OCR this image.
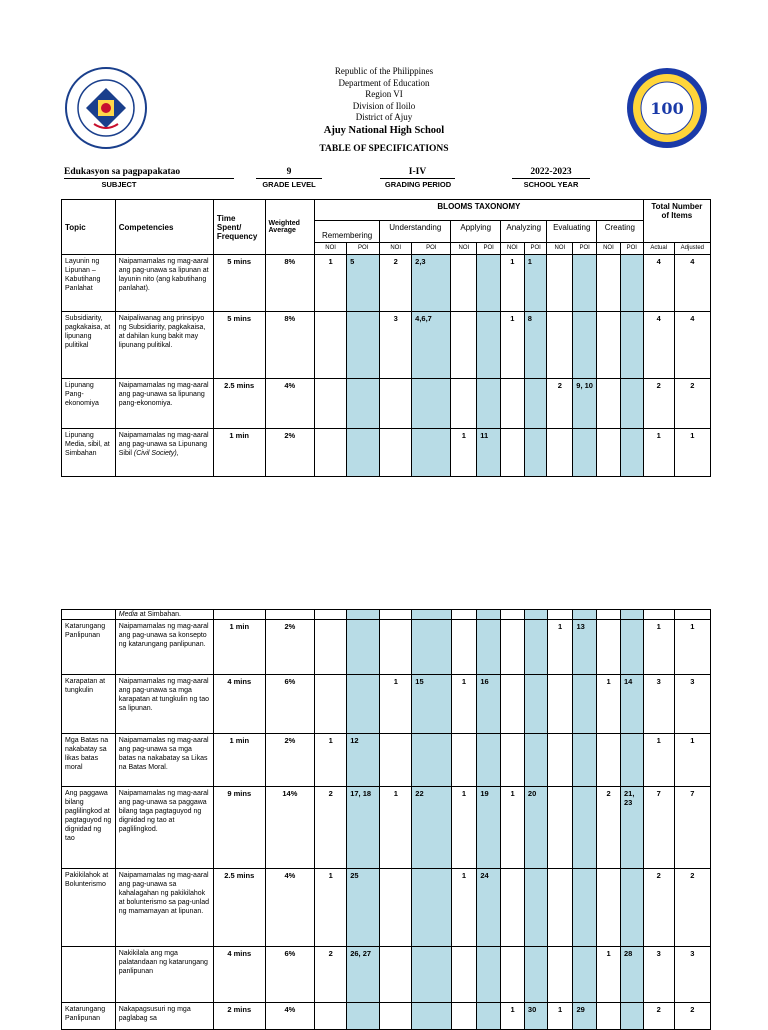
100
Republic of the Philippines
Department of Education
Region VI
Division of Iloilo
District of Ajuy
Ajuy National High School
TABLE OF SPECIFICATIONS
Edukasyon sa pagpapakatao
SUBJECT
9
GRADE LEVEL
I-IV
GRADING PERIOD
2022-2023
SCHOOL YEAR
Topic	Competencies	Time Spent/ Frequency	Weighted Average	BLOOMS TAXONOMY												Total Number of Items	
				Remembering		Understanding		Applying		Analyzing		Evaluating		Creating			
				NOI	POI	NOI	POI	NOI	POI	NOI	POI	NOI	POI	NOI	POI	Actual	Adjusted
Layunin ng Lipunan – Kabutihang Panlahat	Naipamamalas ng mag-aaral ang pag-unawa sa lipunan at layunin nito (ang kabutihang panlahat).	5 mins	8%	1	5	2	2,3			1	1					4	4
Subsidiarity, pagkakaisa, at lipunang pulitikal	Naipaliwanag ang prinsipyo ng Subsidiarity, pagkakaisa, at dahilan kung bakit may lipunang pulitikal.	5 mins	8%			3	4,6,7			1	8					4	4
Lipunang Pang-ekonomiya	Naipamamalas ng mag-aaral ang pag-unawa sa lipunang pang-ekonomiya.	2.5 mins	4%									2	9, 10			2	2
Lipunang Media, sibil, at Simbahan	Naipamamalas ng mag-aaral ang pag-unawa sa Lipunang Sibil (Civil Society),	1 min	2%					1	11							1	1
	Media at Simbahan.																
Katarungang Panlipunan	Naipamamalas ng mag-aaral ang pag-unawa sa konsepto ng katarungang panlipunan.	1 min	2%									1	13			1	1
Karapatan at tungkulin	Naipamamalas ng mag-aaral ang pag-unawa sa mga karapatan at tungkulin ng tao sa lipunan.	4 mins	6%			1	15	1	16					1	14	3	3
Mga Batas na nakabatay sa likas batas moral	Naipamamalas ng mag-aaral ang pag-unawa sa mga batas na nakabatay sa Likas na Batas Moral.	1 min	2%	1	12											1	1
Ang paggawa bilang paglilingkod at pagtaguyod ng dignidad ng tao	Naipamamalas ng mag-aaral ang pag-unawa sa paggawa bilang taga pagtaguyod ng dignidad ng tao at paglilingkod.	9 mins	14%	2	17, 18	1	22	1	19	1	20			2	21, 23	7	7
Pakikilahok at Bolunterismo	Naipamamalas ng mag-aaral ang pag-unawa sa kahalagahan ng pakikilahok at bolunterismo sa pag-unlad ng mamamayan at lipunan.	2.5 mins	4%	1	25			1	24							2	2
	Nakikilala ang mga palatandaan ng katarungang panlipunan	4 mins	6%	2	26, 27									1	28	3	3
Katarungang Panlipunan	Nakapagsusuri ng mga paglabag sa	2 mins	4%							1	30	1	29			2	2
